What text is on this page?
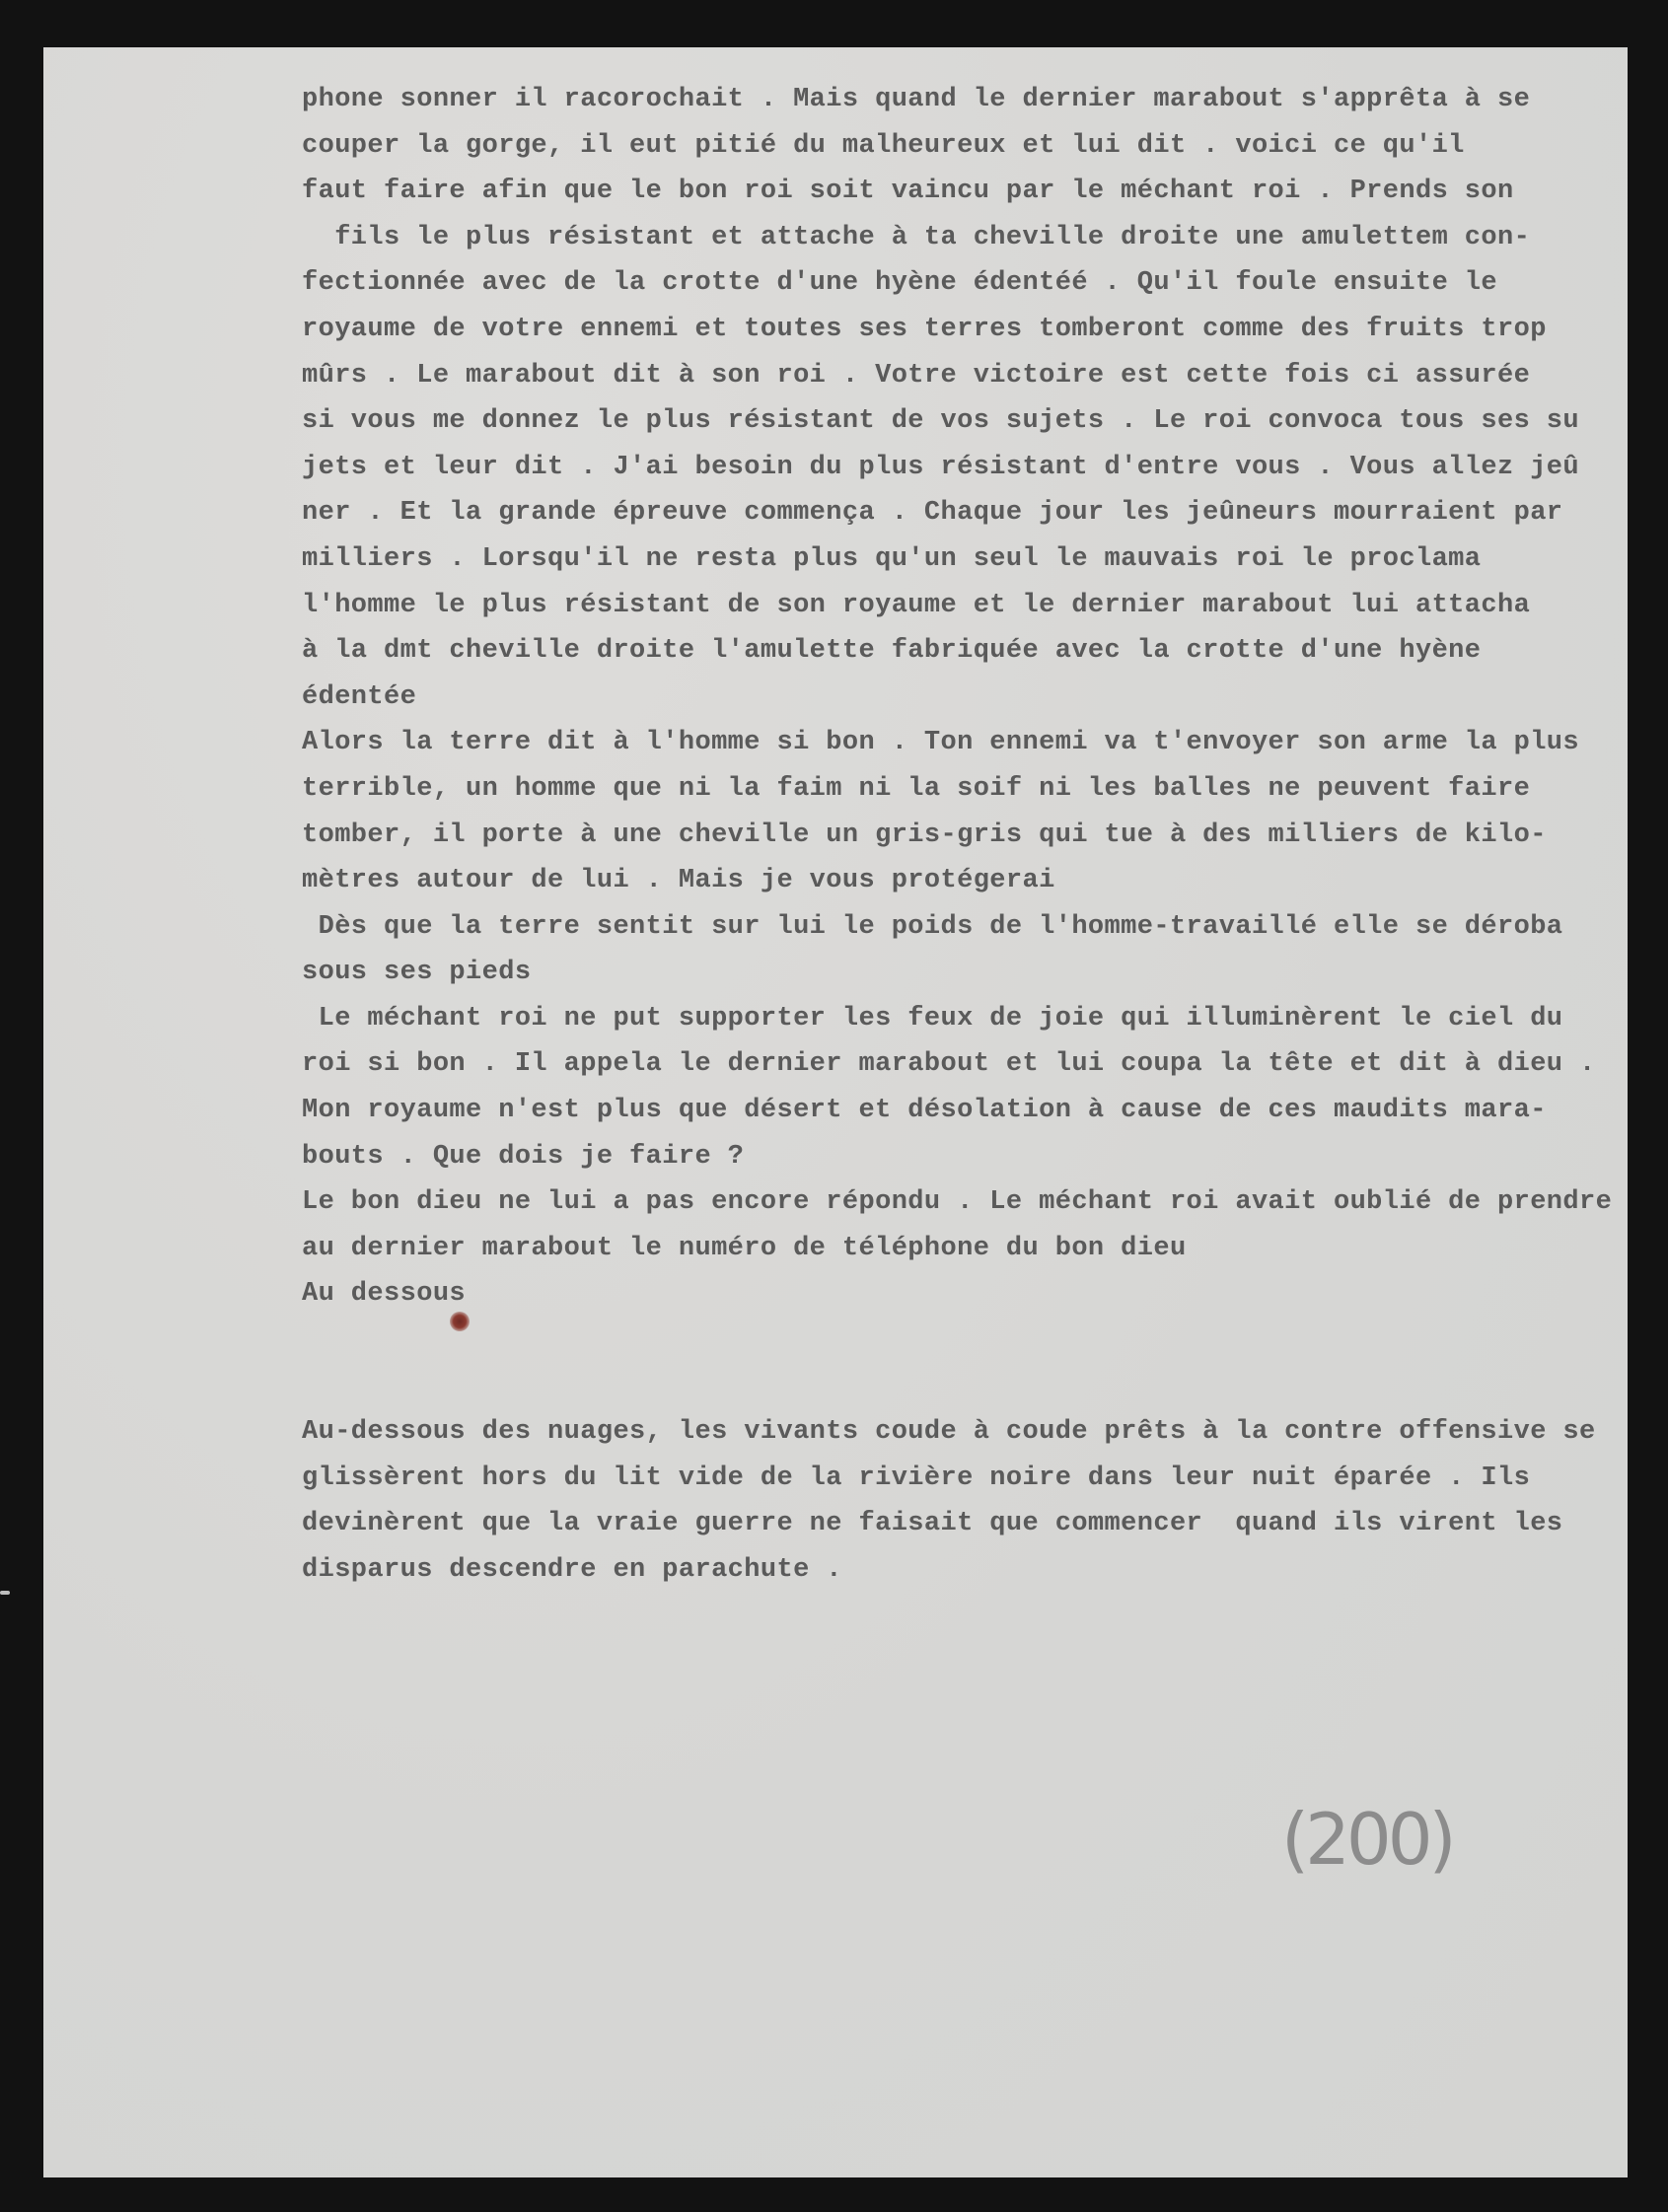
phone sonner il racorochait . Mais quand le dernier marabout s'apprêta à se
couper la gorge, il eut pitié du malheureux et lui dit . voici ce qu'il
faut faire afin que le bon roi soit vaincu par le méchant roi . Prends son
fils le plus résistant et attache à ta cheville droite une amulettem con-
fectionnée avec de la crotte d'une hyène édentéé . Qu'il foule ensuite le
royaume de votre ennemi et toutes ses terres tomberont comme des fruits trop
mûrs . Le marabout dit à son roi . Votre victoire est cette fois ci assurée
si vous me donnez le plus résistant de vos sujets . Le roi convoca tous ses su
jets et leur dit . J'ai besoin du plus résistant d'entre vous . Vous allez jeû
ner . Et la grande épreuve commença . Chaque jour les jeûneurs mourraient par
milliers . Lorsqu'il ne resta plus qu'un seul le mauvais roi le proclama
l'homme le plus résistant de son royaume et le dernier marabout lui attacha
à la dmt cheville droite l'amulette fabriquée avec la crotte d'une hyène
édentée
Alors la terre dit à l'homme si bon . Ton ennemi va t'envoyer son arme la plus
terrible, un homme que ni la faim ni la soif ni les balles ne peuvent faire
tomber, il porte à une cheville un gris-gris qui tue à des milliers de kilo-
mètres autour de lui . Mais je vous protégerai
Dès que la terre sentit sur lui le poids de l'homme-travaillé elle se déroba
sous ses pieds
Le méchant roi ne put supporter les feux de joie qui illuminèrent le ciel du
roi si bon . Il appela le dernier marabout et lui coupa la tête et dit à dieu .
Mon royaume n'est plus que désert et désolation à cause de ces maudits mara-
bouts . Que dois je faire ?
Le bon dieu ne lui a pas encore répondu . Le méchant roi avait oublié de prendre
au dernier marabout le numéro de téléphone du bon dieu
Au dessous
Au-dessous des nuages, les vivants coude à coude prêts à la contre offensive se
glissèrent hors du lit vide de la rivière noire dans leur nuit éparée . Ils
devinèrent que la vraie guerre ne faisait que commencer  quand ils virent les
disparus descendre en parachute .
(200)
